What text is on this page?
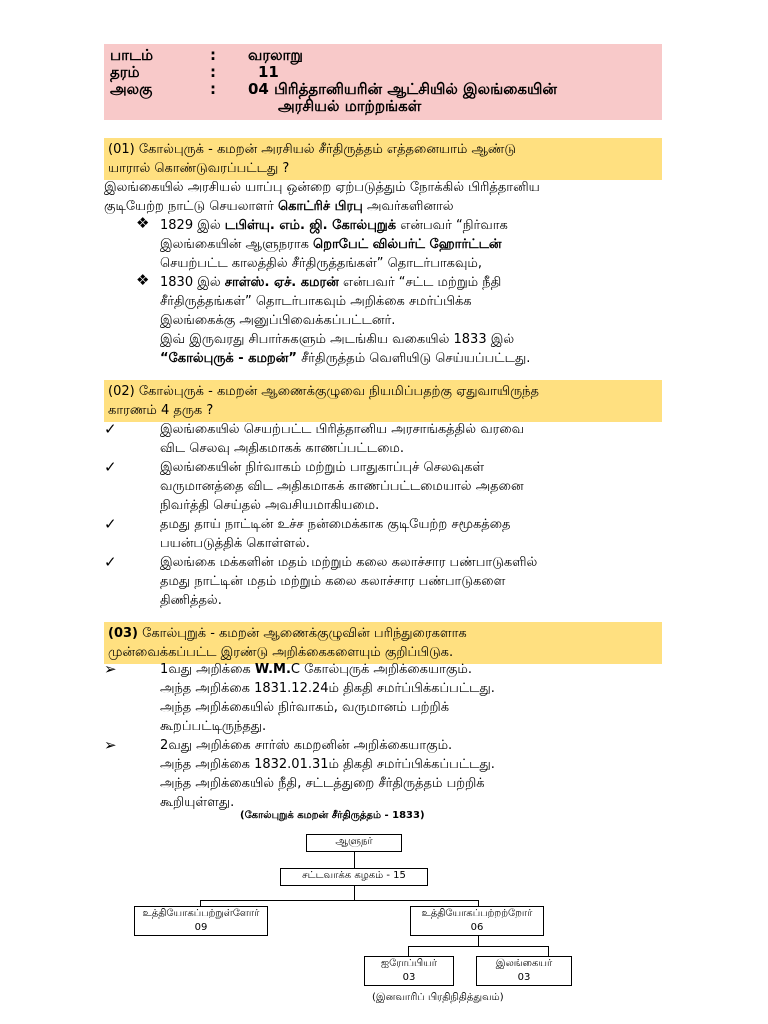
பாடம்	:	வரலாறு
தரம்	:	11
அலகு	:	04 பிரித்தானியரின் ஆட்சியில் இலங்கையின்
அரசியல் மாற்றங்கள்
(01) கோல்புருக் - கமறன் அரசியல் சீர்திருத்தம் எத்தனையாம் ஆண்டு
யாரால் கொண்டுவரப்பட்டது ?
இலங்கையில் அரசியல் யாப்பு ஒன்றை ஏற்படுத்தும் நோக்கில் பிரித்தானிய
குடியேற்ற நாட்டு செயலாளர் கொட்ரிச் பிரபு அவர்களினால்
❖ 1829 இல் டபிள்யு. எம். ஜி. கோல்புறுக் என்பவர் “நிர்வாக
இலங்கையின் ஆளுநராக றொபேட் வில்பர்ட் ஹோர்ட்டன்
செயற்பட்ட காலத்தில் சீர்திருத்தங்கள்” தொடர்பாகவும்,
❖ 1830 இல் சாள்ஸ். ஏச். கமரன் என்பவர் “சட்ட மற்றும் நீதி
சீர்திருத்தங்கள்” தொடர்பாகவும் அறிக்கை சமர்ப்பிக்க
இலங்கைக்கு அனுப்பிவைக்கப்பட்டனர்.
இவ் இருவரது சிபார்சுகளும் அடங்கிய வகையில் 1833 இல்
“கோல்புருக் - கமறன்” சீர்திருத்தம் வெளியிடு செய்யப்பட்டது.
(02) கோல்புருக் - கமறன் ஆணைக்குழுவை நியமிப்பதற்கு ஏதுவாயிருந்த
காரணம் 4 தருக ?
✓	இலங்கையில் செயற்பட்ட பிரித்தானிய அரசாங்கத்தில் வரவை
விட செலவு அதிகமாகக் காணப்பட்டமை.
✓	இலங்கையின் நிர்வாகம் மற்றும் பாதுகாப்புச் செலவுகள்
வருமானத்தை விட அதிகமாகக் காணப்பட்டமையால் அதனை
நிவர்த்தி செய்தல் அவசியமாகியமை.
✓	தமது தாய் நாட்டின் உச்ச நன்மைக்காக குடியேற்ற சமூகத்தை
பயன்படுத்திக் கொள்ளல்.
✓	இலங்கை மக்களின் மதம் மற்றும் கலை கலாச்சார பண்பாடுகளில்
தமது நாட்டின் மதம் மற்றும் கலை கலாச்சார பண்பாடுகளை
திணித்தல்.
(03) கோல்புறுக் - கமறன் ஆணைக்குழுவின் பரிந்துரைகளாக
முன்வைக்கப்பட்ட இரண்டு அறிக்கைகளையும் குறிப்பிடுக.
➢	1வது அறிக்கை W.M.C கோல்புருக் அறிக்கையாகும்.
அந்த அறிக்கை 1831.12.24ம் திகதி சமர்ப்பிக்கப்பட்டது.
அந்த அறிக்கையில் நிர்வாகம், வருமானம் பற்றிக்
கூறப்பட்டிருந்தது.
➢	2வது அறிக்கை சார்ஸ் கமறனின் அறிக்கையாகும்.
அந்த அறிக்கை 1832.01.31ம் திகதி சமர்ப்பிக்கப்பட்டது.
அந்த அறிக்கையில் நீதி, சட்டத்துறை சீர்திருத்தம் பற்றிக்
கூறியுள்ளது.
(கோல்புறுக் கமறன் சீர்திருத்தம் - 1833)
ஆளுநர்
சட்டவாக்க கழகம் - 15
உத்தியோகப்பற்றுள்ளோர்
09
உத்தியோகப்பற்றற்றோர்
06
ஐரோப்பியர்
03
இலங்கையர்
03
(இனவாரிப் பிரதிநிதித்துவம்)
